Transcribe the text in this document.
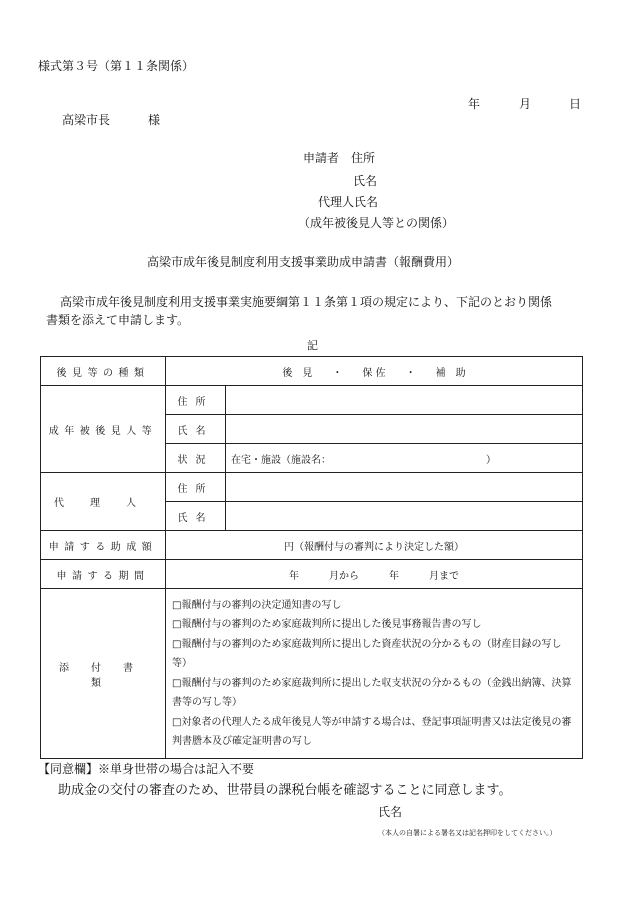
様式第３号（第１１条関係）
年	月	日
高梁市長	様
申請者 住所
氏名
代理人氏名
（成年被後見人等との関係）
高梁市成年後見制度利用支援事業助成申請書（報酬費用）
高梁市成年後見制度利用支援事業実施要綱第１１条第１項の規定により、下記のとおり関係
書類を添えて申請します。
記
後見等の種類	後　見　　・　　保 佐　　・　　補　助	
成年被後見人等	住所	
	氏名	
	状況	在宅・施設（施設名：　　　　　　　　　　　　　　　　）
代理人	住所	
	氏名	
申請する助成額	円（報酬付与の審判により決定した額）	
申請する期間	年　　　月から　　　年　　　月まで	
添付書類	□報酬付与の審判の決定通知書の写し
□報酬付与の審判のため家庭裁判所に提出した後見事務報告書の写し
□報酬付与の審判のため家庭裁判所に提出した資産状況の分かるもの（財産目録の写し等）
□報酬付与の審判のため家庭裁判所に提出した収支状況の分かるもの（金銭出納簿、決算書等の写し等）
□対象者の代理人たる成年後見人等が申請する場合は、登記事項証明書又は法定後見の審判書謄本及び確定証明書の写し	
【同意欄】※単身世帯の場合は記入不要
助成金の交付の審査のため、世帯員の課税台帳を確認することに同意します。
氏名
（本人の自署による署名又は記名押印をしてください。）
